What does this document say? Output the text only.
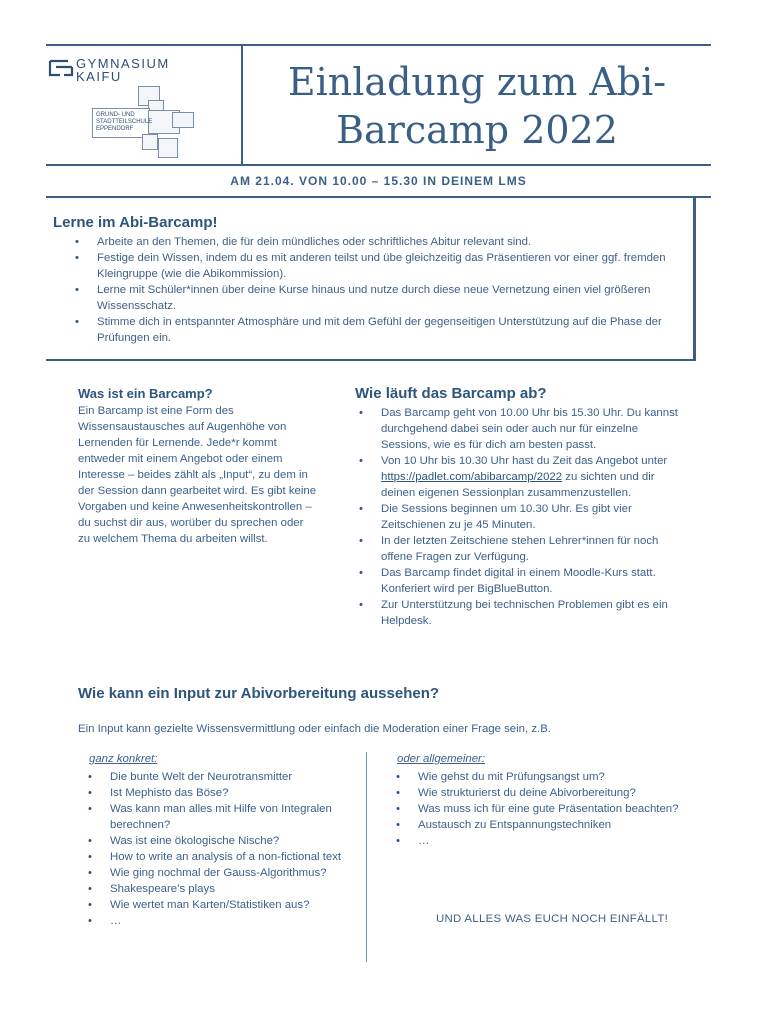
GYMNASIUM
KAIFU
GRUND- UND
STADTTEILSCHULE
EPPENDORF
Einladung zum Abi-
Barcamp 2022
AM 21.04. VON 10.00 – 15.30 IN DEINEM LMS
Lerne im Abi-Barcamp!
• Arbeite an den Themen, die für dein mündliches oder schriftliches Abitur relevant sind.
• Festige dein Wissen, indem du es mit anderen teilst und übe gleichzeitig das Präsentieren vor einer ggf. fremden Kleingruppe (wie die Abikommission).
• Lerne mit Schüler*innen über deine Kurse hinaus und nutze durch diese neue Vernetzung einen viel größeren Wissensschatz.
• Stimme dich in entspannter Atmosphäre und mit dem Gefühl der gegenseitigen Unterstützung auf die Phase der Prüfungen ein.
Was ist ein Barcamp?
Ein Barcamp ist eine Form des Wissensaustausches auf Augenhöhe von Lernenden für Lernende. Jede*r kommt entweder mit einem Angebot oder einem Interesse – beides zählt als „Input“, zu dem in der Session dann gearbeitet wird. Es gibt keine Vorgaben und keine Anwesenheitskontrollen – du suchst dir aus, worüber du sprechen oder zu welchem Thema du arbeiten willst.
Wie läuft das Barcamp ab?
• Das Barcamp geht von 10.00 Uhr bis 15.30 Uhr. Du kannst durchgehend dabei sein oder auch nur für einzelne Sessions, wie es für dich am besten passt.
• Von 10 Uhr bis 10.30 Uhr hast du Zeit das Angebot unter https://padlet.com/abibarcamp/2022 zu sichten und dir deinen eigenen Sessionplan zusammenzustellen.
• Die Sessions beginnen um 10.30 Uhr. Es gibt vier Zeitschienen zu je 45 Minuten.
• In der letzten Zeitschiene stehen Lehrer*innen für noch offene Fragen zur Verfügung.
• Das Barcamp findet digital in einem Moodle-Kurs statt. Konferiert wird per BigBlueButton.
• Zur Unterstützung bei technischen Problemen gibt es ein Helpdesk.
Wie kann ein Input zur Abivorbereitung aussehen?
Ein Input kann gezielte Wissensvermittlung oder einfach die Moderation einer Frage sein, z.B.
ganz konkret:
• Die bunte Welt der Neurotransmitter
• Ist Mephisto das Böse?
• Was kann man alles mit Hilfe von Integralen berechnen?
• Was ist eine ökologische Nische?
• How to write an analysis of a non-fictional text
• Wie ging nochmal der Gauss-Algorithmus?
• Shakespeare’s plays
• Wie wertet man Karten/Statistiken aus?
• …
oder allgemeiner:
• Wie gehst du mit Prüfungsangst um?
• Wie strukturierst du deine Abivorbereitung?
• Was muss ich für eine gute Präsentation beachten?
• Austausch zu Entspannungstechniken
• …
UND ALLES WAS EUCH NOCH EINFÄLLT!
